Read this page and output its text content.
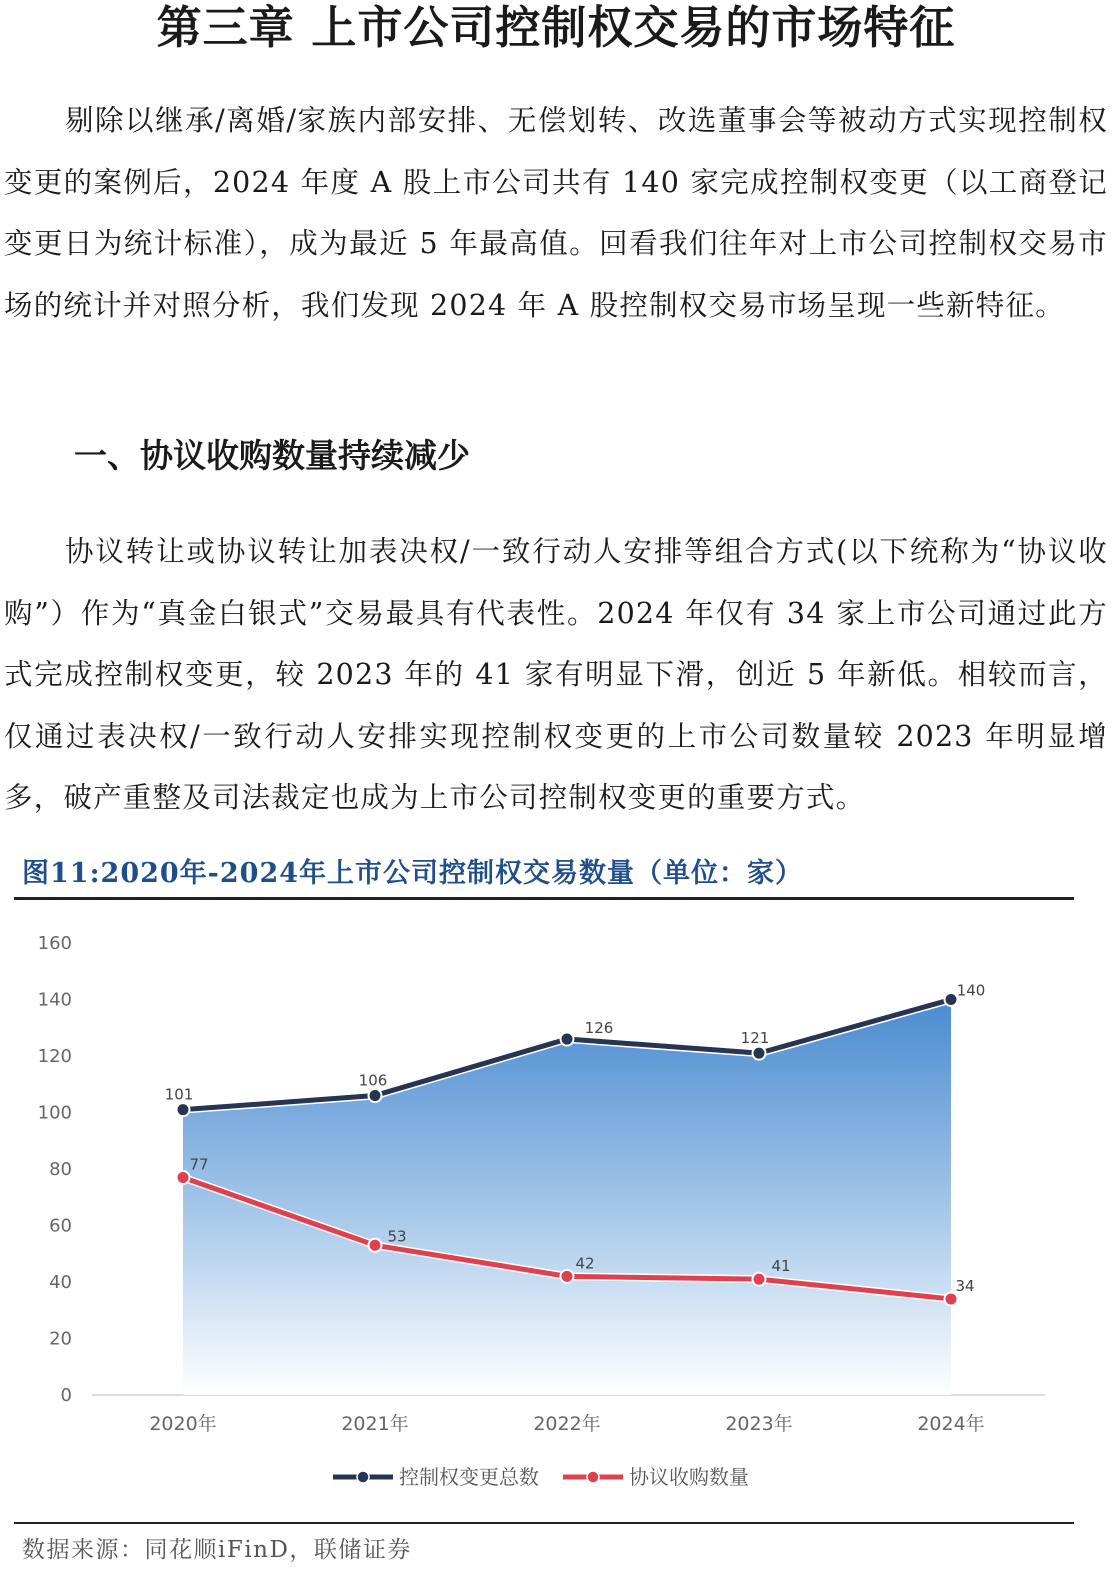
第三章 上市公司控制权交易的市场特征

剔除以继承/离婚/家族内部安排、无偿划转、改选董事会等被动方式实现控制权变更的案例后，2024 年度 A 股上市公司共有 140 家完成控制权变更（以工商登记变更日为统计标准），成为最近 5 年最高值。回看我们往年对上市公司控制权交易市场的统计并对照分析，我们发现 2024 年 A 股控制权交易市场呈现一些新特征。

一、协议收购数量持续减少

协议转让或协议转让加表决权/一致行动人安排等组合方式(以下统称为“协议收购”）作为“真金白银式”交易最具有代表性。2024 年仅有 34 家上市公司通过此方式完成控制权变更，较 2023 年的 41 家有明显下滑，创近 5 年新低。相较而言，仅通过表决权/一致行动人安排实现控制权变更的上市公司数量较 2023 年明显增多，破产重整及司法裁定也成为上市公司控制权变更的重要方式。

图11:2020年-2024年上市公司控制权交易数量（单位：家）

0
20
40
60
80
100
120
140
160
2020年	2021年	2022年	2023年	2024年
101
106
126
121
140
77
53
42	41
34
控制权变更总数	协议收购数量

数据来源：同花顺iFinD，联储证券
